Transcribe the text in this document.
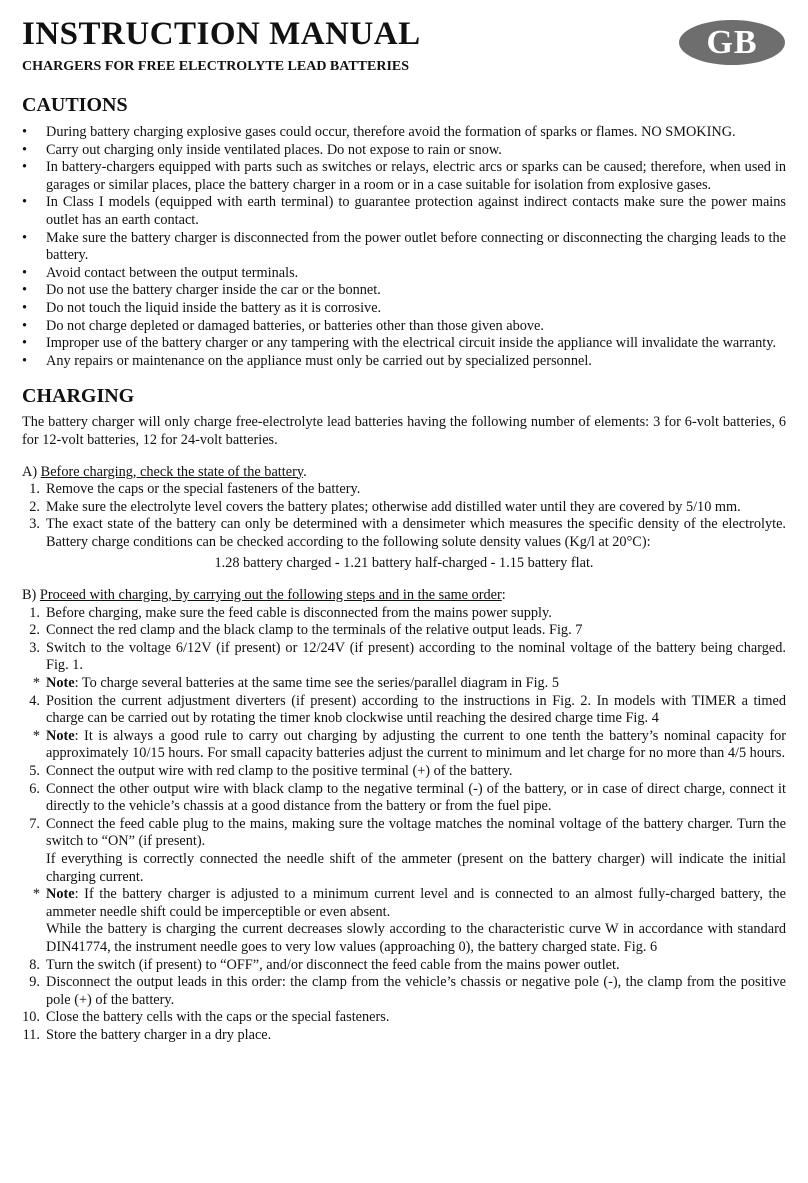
GB
INSTRUCTION MANUAL
CHARGERS FOR FREE ELECTROLYTE LEAD BATTERIES
CAUTIONS
• During battery charging explosive gases could occur, therefore avoid the formation of sparks or flames. NO SMOKING.
• Carry out charging only inside ventilated places. Do not expose to rain or snow.
• In battery-chargers equipped with parts such as switches or relays, electric arcs or sparks can be caused; therefore, when used in garages or similar places, place the battery charger in a room or in a case suitable for isolation from explosive gases.
• In Class I models (equipped with earth terminal) to guarantee protection against indirect contacts make sure the power mains outlet has an earth contact.
• Make sure the battery charger is disconnected from the power outlet before connecting or disconnecting the charging leads to the battery.
• Avoid contact between the output terminals.
• Do not use the battery charger inside the car or the bonnet.
• Do not touch the liquid inside the battery as it is corrosive.
• Do not charge depleted or damaged batteries, or batteries other than those given above.
• Improper use of the battery charger or any tampering with the electrical circuit inside the appliance will invalidate the warranty.
• Any repairs or maintenance on the appliance must only be carried out by specialized personnel.
CHARGING
The battery charger will only charge free-electrolyte lead batteries having the following number of elements: 3 for 6-volt batteries, 6 for 12-volt batteries, 12 for 24-volt batteries.
A) Before charging, check the state of the battery.
1. Remove the caps or the special fasteners of the battery.
2. Make sure the electrolyte level covers the battery plates; otherwise add distilled water until they are covered by 5/10 mm.
3. The exact state of the battery can only be determined with a densimeter which measures the specific density of the electrolyte. Battery charge conditions can be checked according to the following solute density values (Kg/l at 20°C):
1.28 battery charged - 1.21 battery half-charged - 1.15 battery flat.
B) Proceed with charging, by carrying out the following steps and in the same order:
1. Before charging, make sure the feed cable is disconnected from the mains power supply.
2. Connect the red clamp and the black clamp to the terminals of the relative output leads. Fig. 7
3. Switch to the voltage 6/12V (if present) or 12/24V (if present) according to the nominal voltage of the battery being charged. Fig. 1.
* Note: To charge several batteries at the same time see the series/parallel diagram in Fig. 5
4. Position the current adjustment diverters (if present) according to the instructions in Fig. 2. In models with TIMER a timed charge can be carried out by rotating the timer knob clockwise until reaching the desired charge time Fig. 4
* Note: It is always a good rule to carry out charging by adjusting the current to one tenth the battery’s nominal capacity for approximately 10/15 hours. For small capacity batteries adjust the current to minimum and let charge for no more than 4/5 hours.
5. Connect the output wire with red clamp to the positive terminal (+) of the battery.
6. Connect the other output wire with black clamp to the negative terminal (-) of the battery, or in case of direct charge, connect it directly to the vehicle’s chassis at a good distance from the battery or from the fuel pipe.
7. Connect the feed cable plug to the mains, making sure the voltage matches the nominal voltage of the battery charger. Turn the switch to “ON” (if present).
If everything is correctly connected the needle shift of the ammeter (present on the battery charger) will indicate the initial charging current.
* Note: If the battery charger is adjusted to a minimum current level and is connected to an almost fully-charged battery, the ammeter needle shift could be imperceptible or even absent.
While the battery is charging the current decreases slowly according to the characteristic curve W in accordance with standard DIN41774, the instrument needle goes to very low values (approaching 0), the battery charged state. Fig. 6
8. Turn the switch (if present) to “OFF”, and/or disconnect the feed cable from the mains power outlet.
9. Disconnect the output leads in this order: the clamp from the vehicle’s chassis or negative pole (-), the clamp from the positive pole (+) of the battery.
10. Close the battery cells with the caps or the special fasteners.
11. Store the battery charger in a dry place.
